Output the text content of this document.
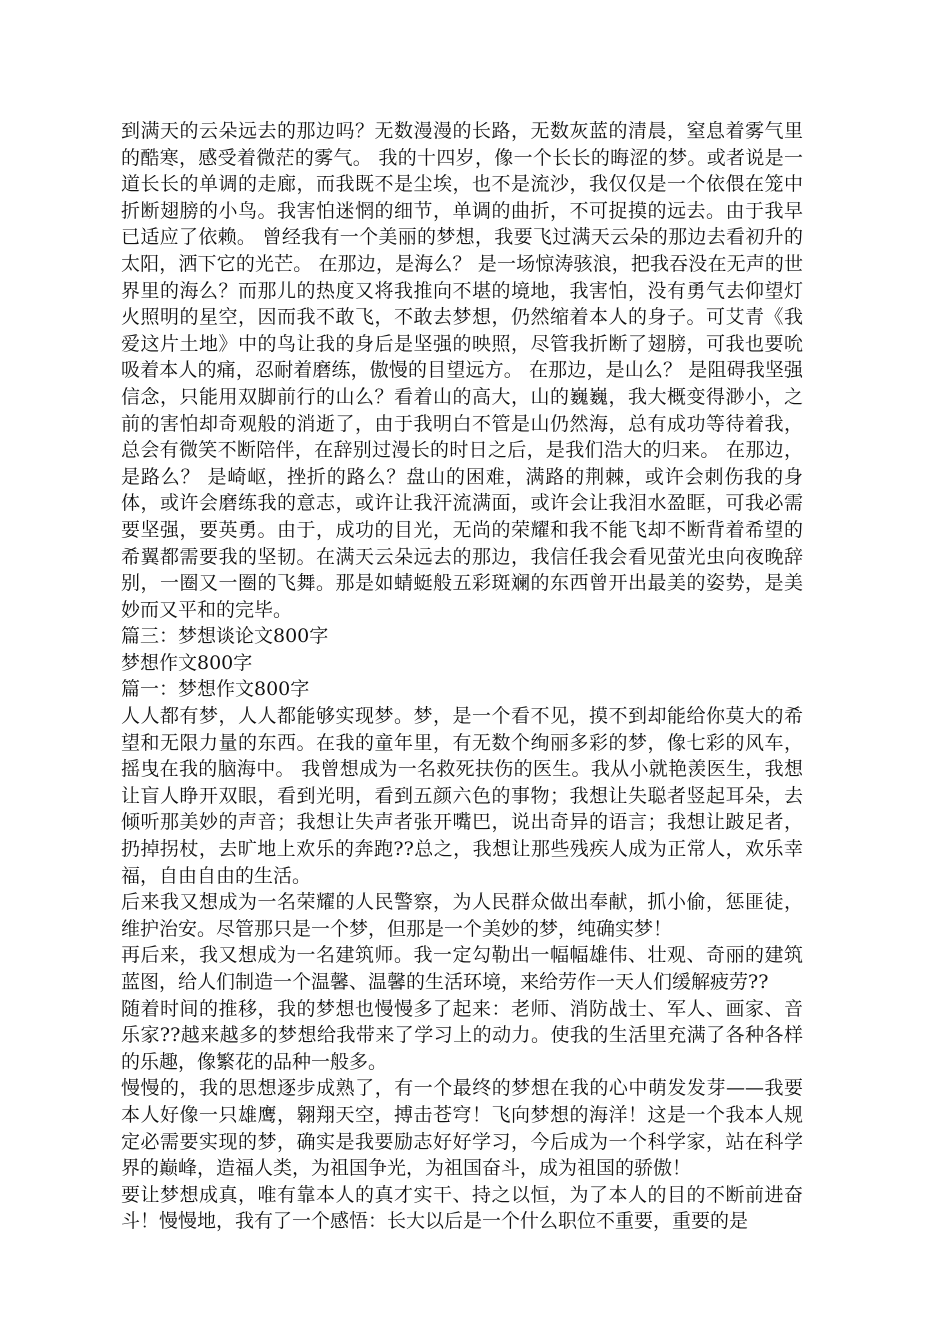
到满天的云朵远去的那边吗？无数漫漫的长路，无数灰蓝的清晨，窒息着雾气里的酷寒，感受着微茫的雾气。 我的十四岁，像一个长长的晦涩的梦。或者说是一道长长的单调的走廊，而我既不是尘埃，也不是流沙，我仅仅是一个依偎在笼中折断翅膀的小鸟。我害怕迷惘的细节，单调的曲折，不可捉摸的远去。由于我早已适应了依赖。 曾经我有一个美丽的梦想，我要飞过满天云朵的那边去看初升的太阳，洒下它的光芒。 在那边，是海么？ 是一场惊涛骇浪，把我吞没在无声的世界里的海么？而那儿的热度又将我推向不堪的境地，我害怕，没有勇气去仰望灯火照明的星空，因而我不敢飞，不敢去梦想，仍然缩着本人的身子。可艾青《我爱这片土地》中的鸟让我的身后是坚强的映照，尽管我折断了翅膀，可我也要吮吸着本人的痛，忍耐着磨练，傲慢的目望远方。 在那边，是山么？ 是阻碍我坚强信念，只能用双脚前行的山么？看着山的高大，山的巍巍，我大概变得渺小，之前的害怕却奇观般的消逝了，由于我明白不管是山仍然海，总有成功等待着我，总会有微笑不断陪伴，在辞别过漫长的时日之后，是我们浩大的归来。 在那边，是路么？ 是崎岖，挫折的路么？盘山的困难，满路的荆棘，或许会刺伤我的身体，或许会磨练我的意志，或许让我汗流满面，或许会让我泪水盈眶，可我必需要坚强，要英勇。由于，成功的目光，无尚的荣耀和我不能飞却不断背着希望的希翼都需要我的坚韧。在满天云朵远去的那边，我信任我会看见萤光虫向夜晚辞别，一圈又一圈的飞舞。那是如蜻蜓般五彩斑斓的东西曾开出最美的姿势，是美妙而又平和的完毕。

篇三：梦想谈论文800字

梦想作文800字

篇一：梦想作文800字

人人都有梦，人人都能够实现梦。梦，是一个看不见，摸不到却能给你莫大的希望和无限力量的东西。在我的童年里，有无数个绚丽多彩的梦，像七彩的风车，摇曳在我的脑海中。 我曾想成为一名救死扶伤的医生。我从小就艳羡医生，我想让盲人睁开双眼，看到光明，看到五颜六色的事物；我想让失聪者竖起耳朵，去倾听那美妙的声音；我想让失声者张开嘴巴，说出奇异的语言；我想让跛足者，扔掉拐杖，去旷地上欢乐的奔跑??总之，我想让那些残疾人成为正常人，欢乐幸福，自由自由的生活。

后来我又想成为一名荣耀的人民警察，为人民群众做出奉献，抓小偷，惩匪徒，维护治安。尽管那只是一个梦，但那是一个美妙的梦，纯确实梦！

再后来，我又想成为一名建筑师。我一定勾勒出一幅幅雄伟、壮观、奇丽的建筑蓝图，给人们制造一个温馨、温馨的生活环境，来给劳作一天人们缓解疲劳??

随着时间的推移，我的梦想也慢慢多了起来：老师、消防战士、军人、画家、音乐家??越来越多的梦想给我带来了学习上的动力。使我的生活里充满了各种各样的乐趣，像繁花的品种一般多。

慢慢的，我的思想逐步成熟了，有一个最终的梦想在我的心中萌发发芽——我要本人好像一只雄鹰，翱翔天空，搏击苍穹！飞向梦想的海洋！这是一个我本人规定必需要实现的梦，确实是我要励志好好学习，今后成为一个科学家，站在科学界的巅峰，造福人类，为祖国争光，为祖国奋斗，成为祖国的骄傲！

要让梦想成真，唯有靠本人的真才实干、持之以恒，为了本人的目的不断前进奋斗！慢慢地，我有了一个感悟：长大以后是一个什么职位不重要，重要的是
